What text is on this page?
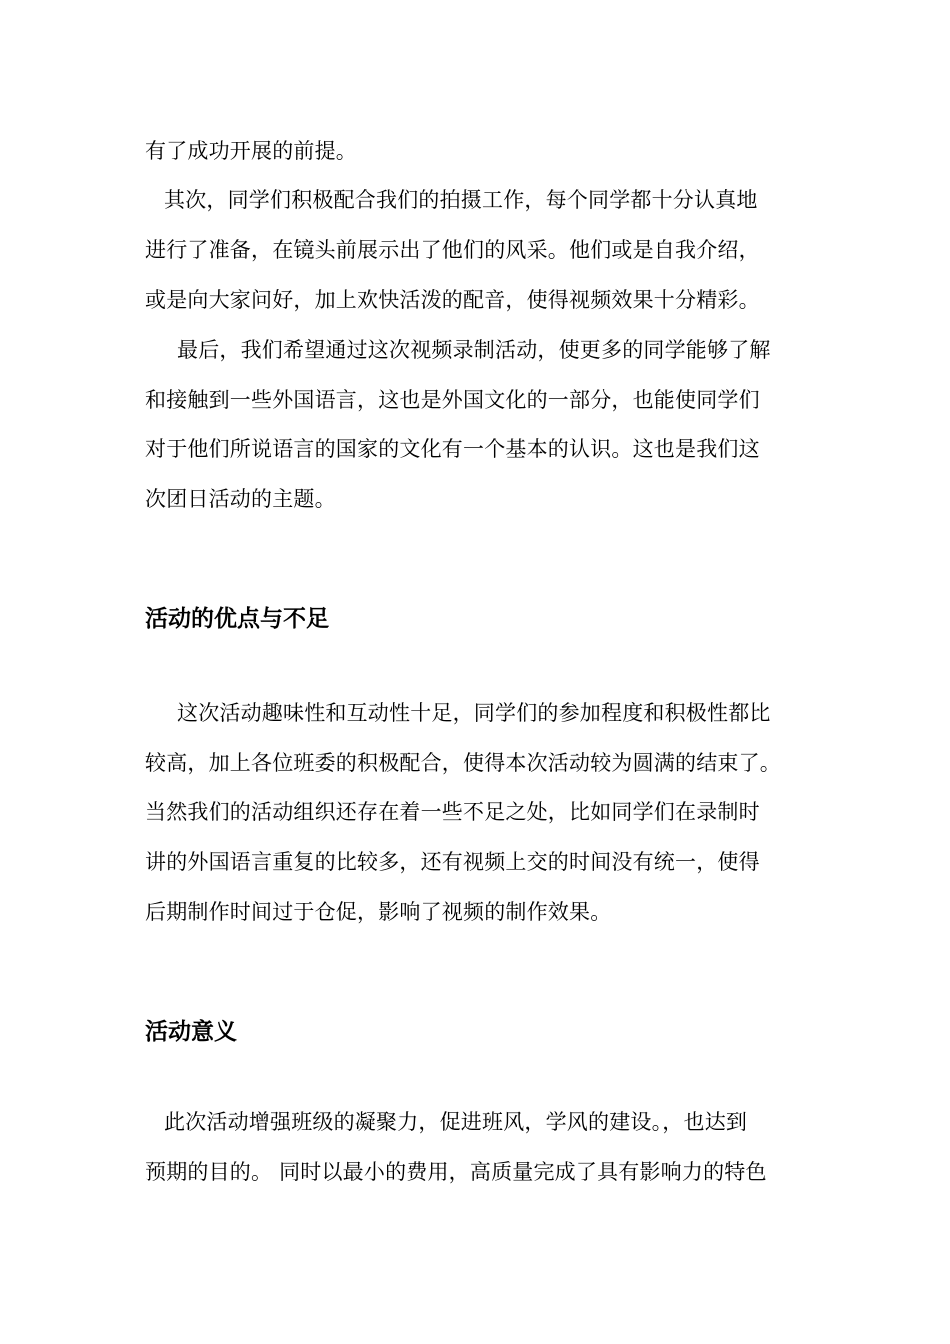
有了成功开展的前提。
其次，同学们积极配合我们的拍摄工作，每个同学都十分认真地
进行了准备，在镜头前展示出了他们的风采。他们或是自我介绍，
或是向大家问好，加上欢快活泼的配音，使得视频效果十分精彩。
最后，我们希望通过这次视频录制活动，使更多的同学能够了解
和接触到一些外国语言，这也是外国文化的一部分，也能使同学们
对于他们所说语言的国家的文化有一个基本的认识。这也是我们这
次团日活动的主题。
活动的优点与不足
这次活动趣味性和互动性十足，同学们的参加程度和积极性都比
较高，加上各位班委的积极配合，使得本次活动较为圆满的结束了。
当然我们的活动组织还存在着一些不足之处，比如同学们在录制时
讲的外国语言重复的比较多，还有视频上交的时间没有统一，使得
后期制作时间过于仓促，影响了视频的制作效果。
活动意义
此次活动增强班级的凝聚力，促进班风，学风的建设。，也达到
预期的目的。 同时以最小的费用，高质量完成了具有影响力的特色
